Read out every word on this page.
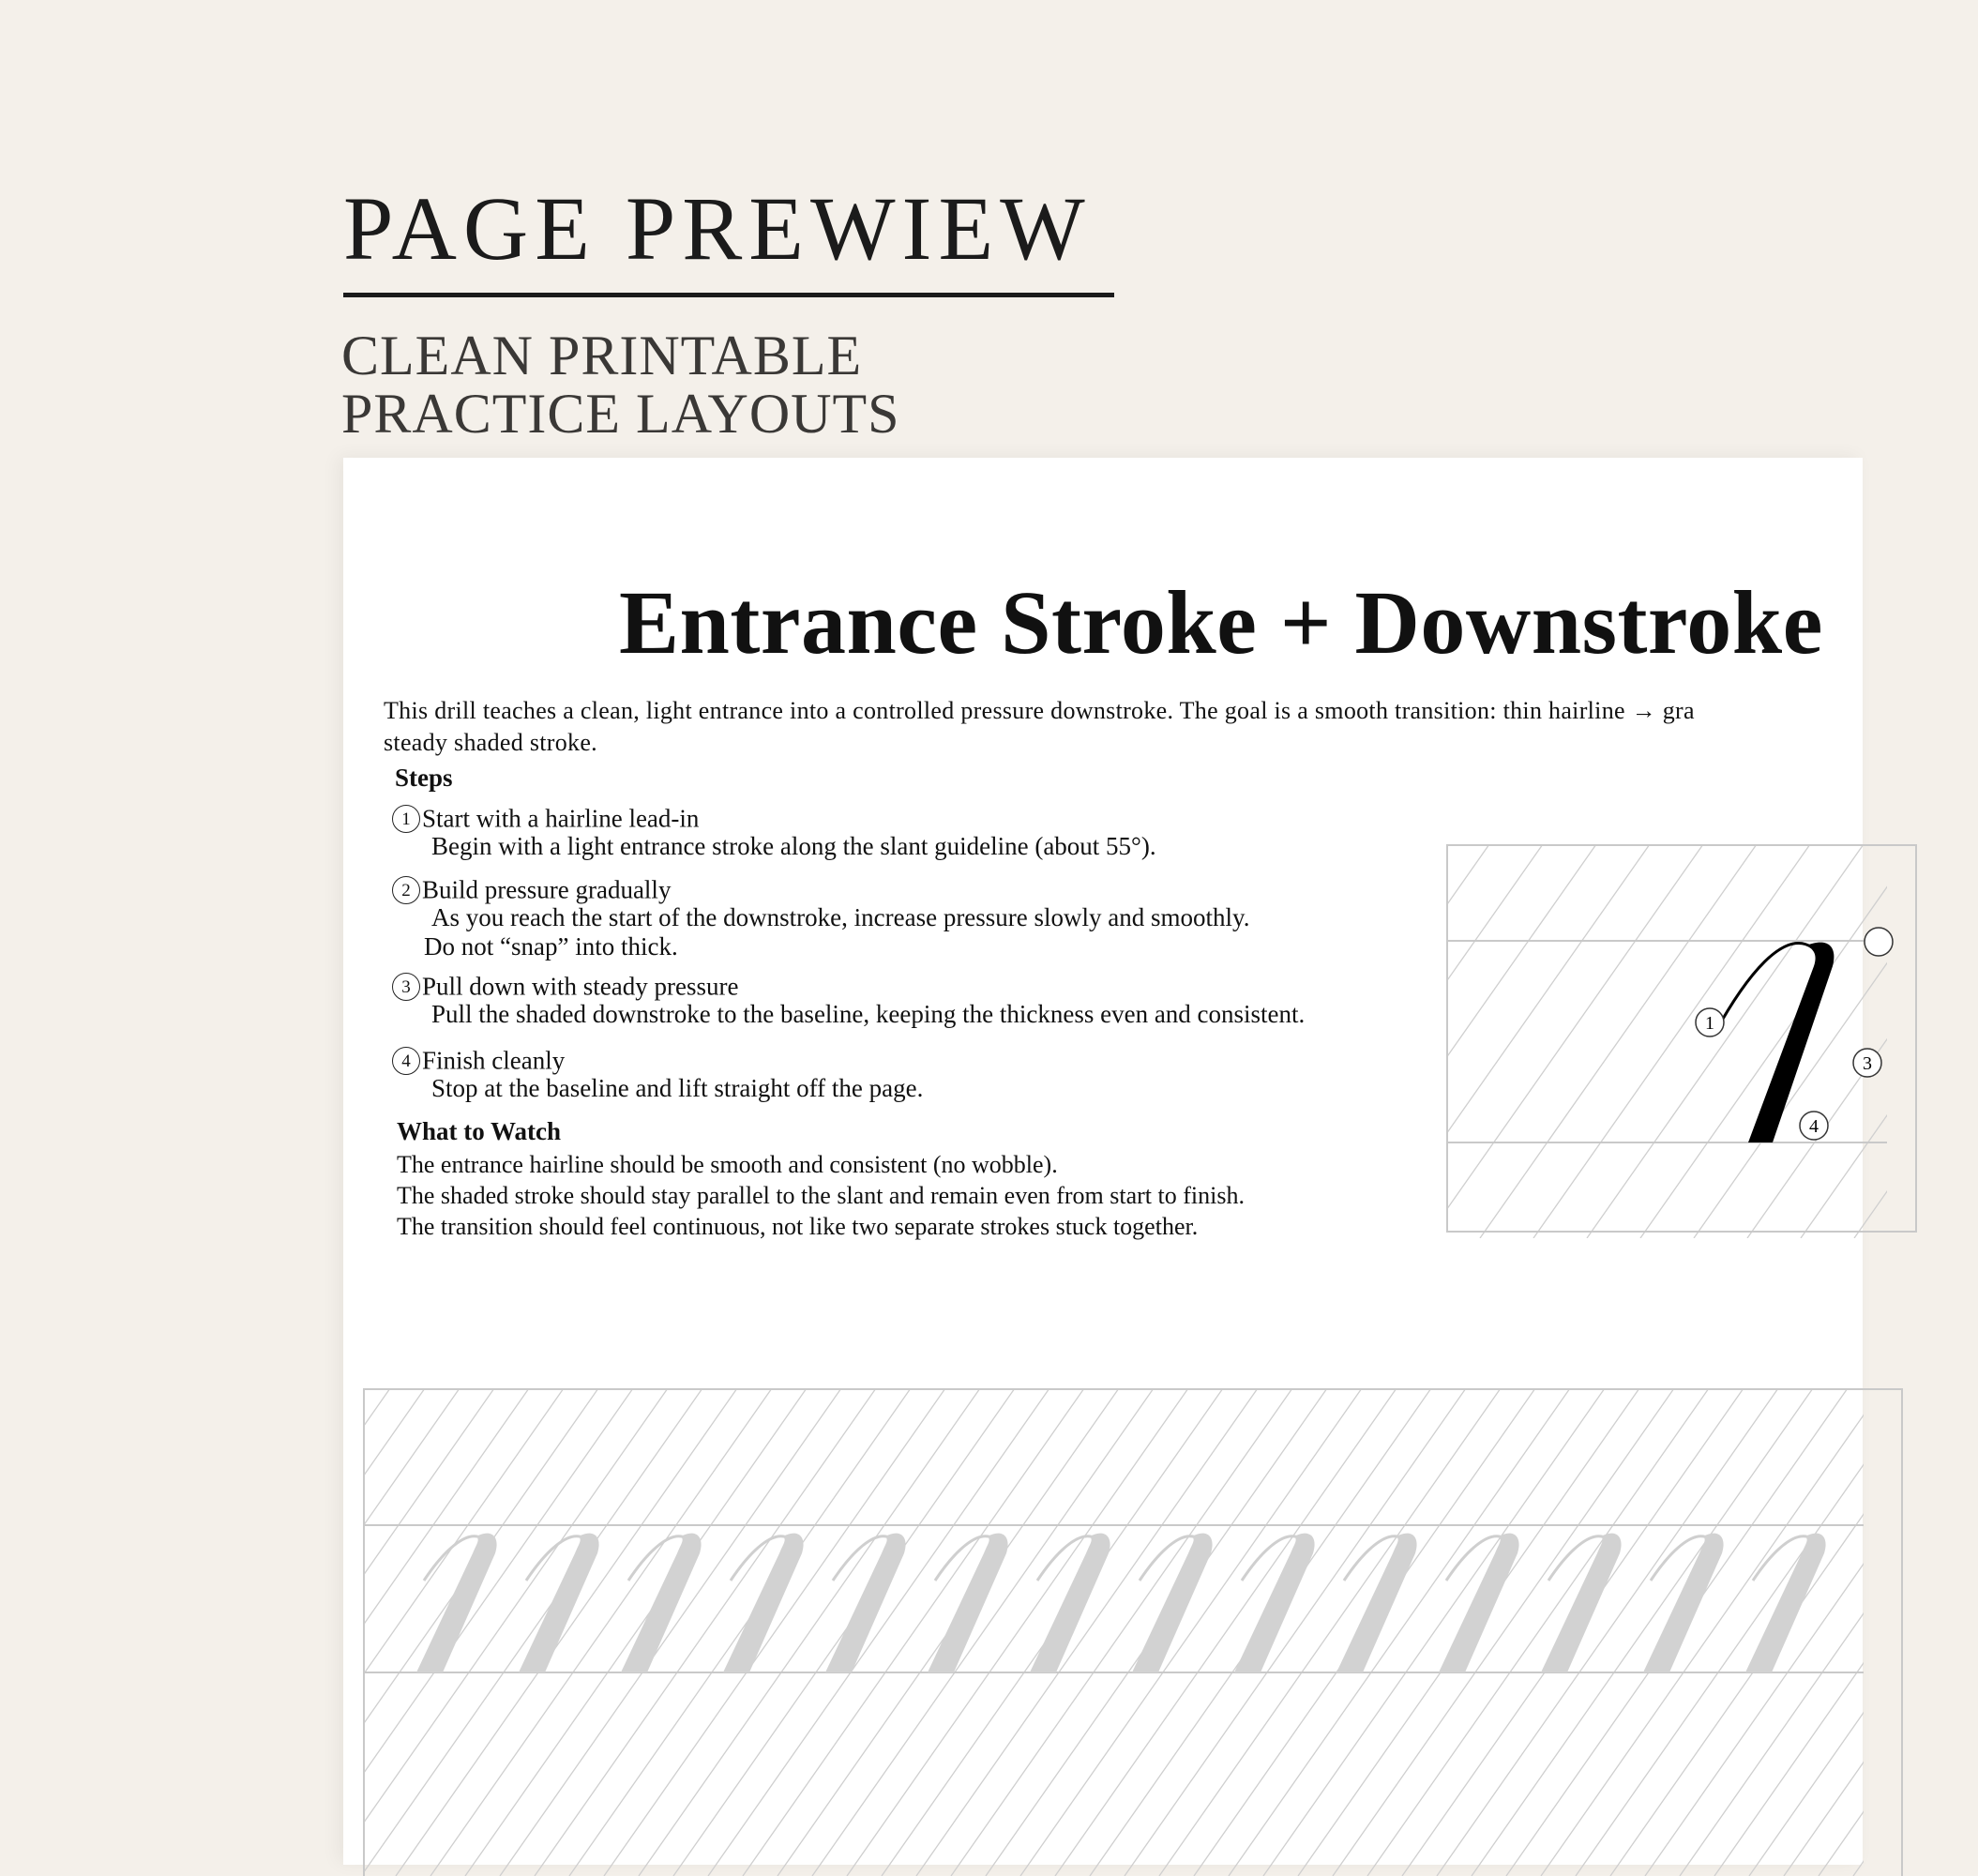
PAGE PREWIEW
CLEAN PRINTABLE
PRACTICE LAYOUTS
Entrance Stroke + Downstroke
This drill teaches a clean, light entrance into a controlled pressure downstroke. The goal is a smooth transition: thin hairline → gra
steady shaded stroke.
Steps
1 Start with a hairline lead-in
Begin with a light entrance stroke along the slant guideline (about 55°).
2 Build pressure gradually
As you reach the start of the downstroke, increase pressure slowly and smoothly.
Do not “snap” into thick.
3 Pull down with steady pressure
Pull the shaded downstroke to the baseline, keeping the thickness even and consistent.
4 Finish cleanly
Stop at the baseline and lift straight off the page.
What to Watch
The entrance hairline should be smooth and consistent (no wobble).
The shaded stroke should stay parallel to the slant and remain even from start to finish.
The transition should feel continuous, not like two separate strokes stuck together.
1
3
4
